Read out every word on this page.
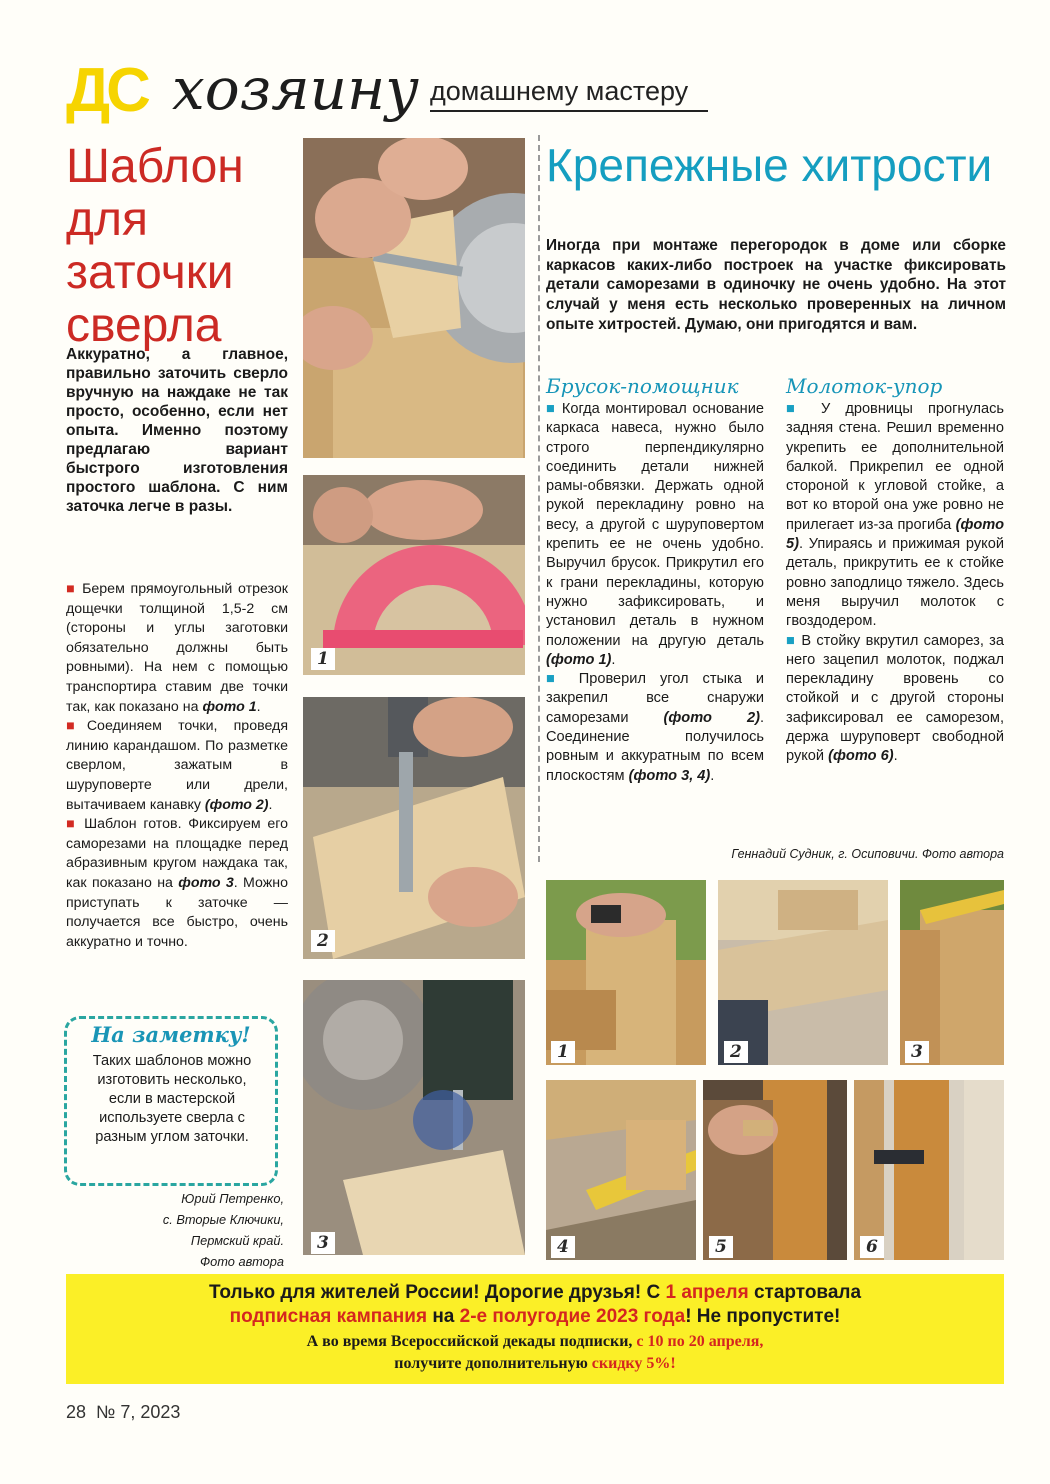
ДС хозяину домашнему мастеру
Шаблон для заточки сверла
Аккуратно, а главное, правильно заточить сверло вручную на наждаке не так просто, особенно, если нет опыта. Именно поэтому предлагаю вариант быстрого изготовления простого шаблона. С ним заточка легче в разы.

■ Берем прямоугольный отрезок дощечки толщиной 1,5-2 см (стороны и углы заготовки обязательно должны быть ровными). На нем с помощью транспортира ставим две точки так, как показано на фото 1.

■Соединяем точки, проведя линию карандашом. По разметке сверлом, зажатым в шуруповерте или дрели, вытачиваем канавку (фото 2).

■ Шаблон готов. Фиксируем его саморезами на площадке перед абразивным кругом наждака так, как показано на фото 3. Можно приступать к заточке — получается все быстро, очень аккуратно и точно.

На заметку!
Таких шаблонов можно изготовить несколько, если в мастерской используете сверла с разным углом заточки.
Юрий Петренко,
с. Вторые Ключики,
Пермский край.
Фото автора
1
2
3
Крепежные хитрости
Иногда при монтаже перегородок в доме или сборке каркасов каких-либо построек на участке фиксировать детали саморезами в одиночку не очень удобно. На этот случай у меня есть несколько проверенных на личном опыте хитростей. Думаю, они пригодятся и вам.
Брусок-помощник

■ Когда монтировал основание каркаса навеса, нужно было строго перпендикулярно соединить детали нижней рамы-обвязки. Держать одной рукой перекладину ровно на весу, а другой с шуруповертом крепить ее не очень удобно. Выручил брусок. Прикрутил его к грани перекладины, которую нужно зафиксировать, и установил деталь в нужном положении на другую деталь (фото 1).

■ Проверил угол стыка и закрепил все снаружи саморезами (фото 2). Соединение получилось ровным и аккуратным по всем плоскостям (фото 3, 4).

Молоток-упор

■ У дровницы прогнулась задняя стена. Решил временно укрепить ее дополнительной балкой. Прикрепил ее одной стороной к угловой стойке, а вот ко второй она уже ровно не прилегает из-за прогиба (фото 5). Упираясь и прижимая рукой деталь, прикрутить ее к стойке ровно заподлицо тяжело. Здесь меня выручил молоток с гвоздодером.

■ В стойку вкрутил саморез, за него зацепил молоток, поджал перекладину вровень со стойкой и с другой стороны зафиксировал ее саморезом, держа шуруповерт свободной рукой (фото 6).

Геннадий Судник, г. Осиповичи. Фото автора
1	2	3
4	5	6
Только для жителей России! Дорогие друзья! С 1 апреля стартовала
подписная кампания на 2-е полугодие 2023 года! Не пропустите!
А во время Всероссийской декады подписки, с 10 по 20 апреля,
получите дополнительную скидку 5%!
28 № 7, 2023
